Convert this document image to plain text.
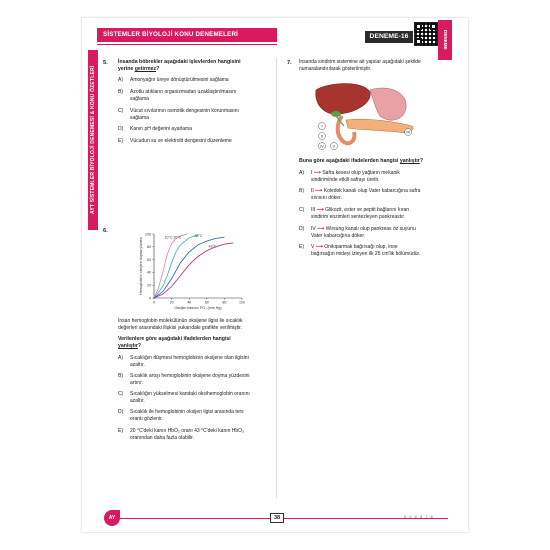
SİSTEMLER BİYOLOJİ KONU DENEMELERİ	DENEME-16	DENEME
AYT SİSTEMLER BİYOLOJİ DENEMESİ & KONU ÖZETLERİ
5. İnsanda böbrekler aşağıdaki işlevlerden hangisini
yerine getirmez?
A) Amonyağın üreye dönüştürülmesini sağlama
B) Azotlu atıkların organizmadan uzaklaştırılmasını
sağlama
C) Vücut sıvılarının osmotik dengesinin korunmasını
sağlama
D) Kanın pH değerini ayarlama
E) Vücudun su ve elektrolit dengesini düzenleme
6.
0
20
40
60
80
100
0	20	40	60	80	100
Oksijen basıncı PO₂ (mm Hg)
Hemoglobinin oksijene doyma yüzdesi	10°C 20°C	38°C
43°C
İnsan hemoglobin molekülünün oksijene ilgisi ile sıcaklık
değerleri arasındaki ilişkisi yukarıdaki grafikte verilmiştir.
Verilenlere göre aşağıdaki ifadelerden hangisi
yanlıştır?
A) Sıcaklığın düşmesi hemoglobinin oksijene olan ilgisini
azaltır.
B) Sıcaklık artışı hemoglobinin oksijene doyma yüzdesini
artırır.
C) Sıcaklığın yükselmesi kandaki oksihemoglobin oranını
azaltır.
D) Sıcaklık ile hemoglobinin oksijen ilgisi arasında ters
orantı gözlenir.
E) 20 °C'deki kanın HbO₂ oranı 43 °C'deki kanın HbO₂
oranından daha fazla olabilir.
7. İnsanda sindirim sistemine ait yapılar aşağıdaki şekilde
numaralandırılarak gösterilmiştir.
I
II
III
IV V
Buna göre aşağıdaki ifadelerden hangisi yanlıştır?
A) I ⟶ Safra kesesi olup yağların mekanik
sindiriminde etkili safrayı üretir.
B) II ⟶ Koledok kanalı olup Vater kabarcığına safra
sıvısını döker.
C) III ⟶ Glikozit, ester ve peptit bağlarını kıran
sindirim enzimleri sentezleyen pankreastır.
D) IV ⟶ Wirsung kanalı olup pankreas öz suyunu
Vater kabarcığına döker.
E) V ⟶ Onikiparmak bağırsağı olup, inoe
bağırsağın mideyi izleyen ilk 25 cm'lik bölümüdür.
AY	38	6.6 6.8 7.6
